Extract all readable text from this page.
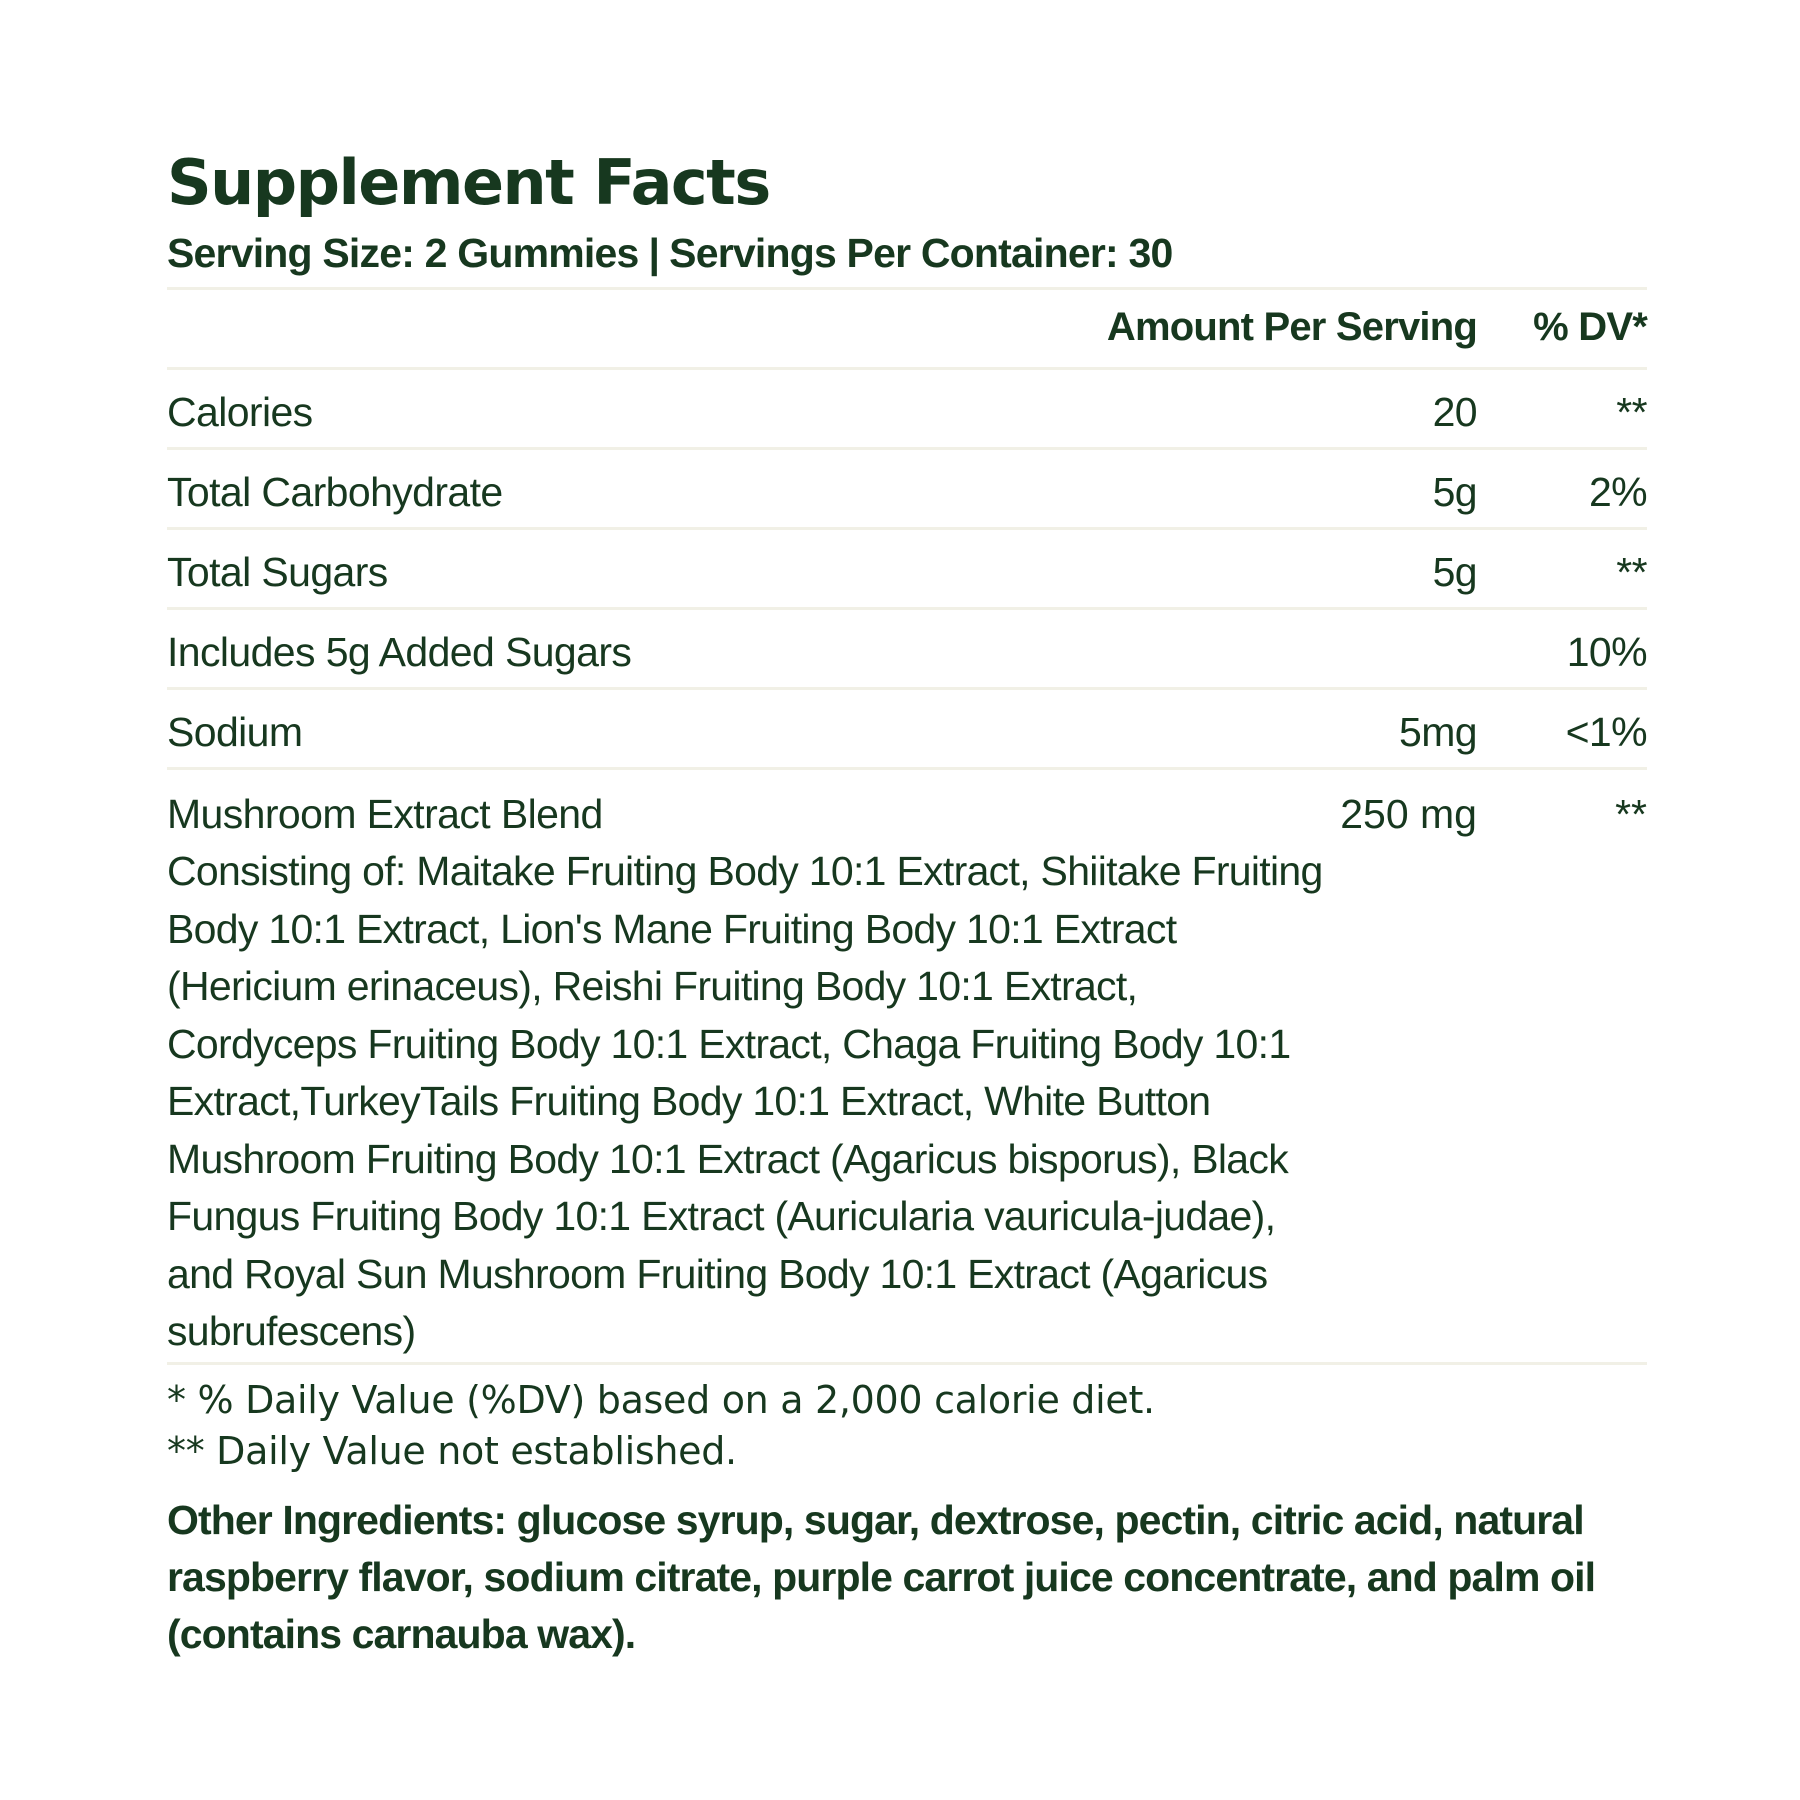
Supplement Facts
Serving Size: 2 Gummies | Servings Per Container: 30
Amount Per Serving % DV*
Calories	20	**
Total Carbohydrate	5g	2%
Total Sugars	5g	**
Includes 5g Added Sugars	10%
Sodium	5mg <1%
Mushroom Extract Blend	250 mg	**
Consisting of: Maitake Fruiting Body 10:1 Extract, Shiitake Fruiting Body 10:1 Extract, Lion's Mane Fruiting Body 10:1 Extract (Hericium erinaceus), Reishi Fruiting Body 10:1 Extract, Cordyceps Fruiting Body 10:1 Extract, Chaga Fruiting Body 10:1 Extract,TurkeyTails Fruiting Body 10:1 Extract, White Button Mushroom Fruiting Body 10:1 Extract (Agaricus bisporus), Black Fungus Fruiting Body 10:1 Extract (Auricularia vauricula-judae), and Royal Sun Mushroom Fruiting Body 10:1 Extract (Agaricus subrufescens)
* % Daily Value (%DV) based on a 2,000 calorie diet.
** Daily Value not established.
Other Ingredients: glucose syrup, sugar, dextrose, pectin, citric acid, natural raspberry flavor, sodium citrate, purple carrot juice concentrate, and palm oil (contains carnauba wax).
